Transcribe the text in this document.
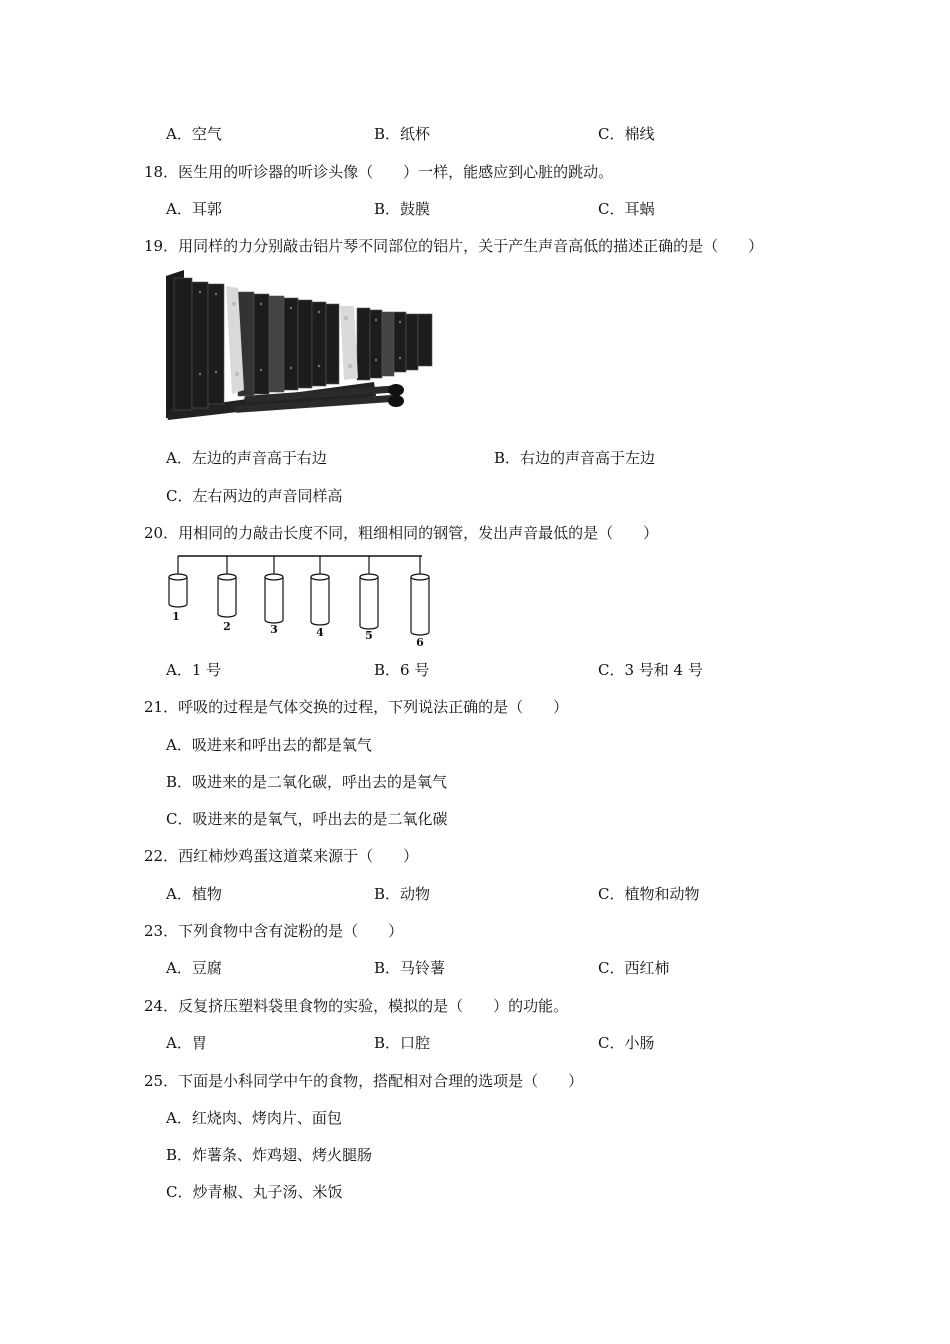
A．空气	B．纸杯	C．棉线
18．医生用的听诊器的听诊头像（　　）一样，能感应到心脏的跳动。
A．耳郭	B．鼓膜	C．耳蜗
19．用同样的力分别敲击铝片琴不同部位的铝片，关于产生声音高低的描述正确的是（　　）
A．左边的声音高于右边	B．右边的声音高于左边
C．左右两边的声音同样高
20．用相同的力敲击长度不同，粗细相同的钢管，发出声音最低的是（　　）
1
2	3	4	5
6
A．1 号	B．6 号	C．3 号和 4 号
21．呼吸的过程是气体交换的过程，下列说法正确的是（　　）
A．吸进来和呼出去的都是氧气
B．吸进来的是二氧化碳，呼出去的是氧气
C．吸进来的是氧气，呼出去的是二氧化碳
22．西红柿炒鸡蛋这道菜来源于（　　）
A．植物	B．动物	C．植物和动物
23．下列食物中含有淀粉的是（　　）
A．豆腐	B．马铃薯	C．西红柿
24．反复挤压塑料袋里食物的实验，模拟的是（　　）的功能。
A．胃	B．口腔	C．小肠
25．下面是小科同学中午的食物，搭配相对合理的选项是（　　）
A．红烧肉、烤肉片、面包
B．炸薯条、炸鸡翅、烤火腿肠
C．炒青椒、丸子汤、米饭
